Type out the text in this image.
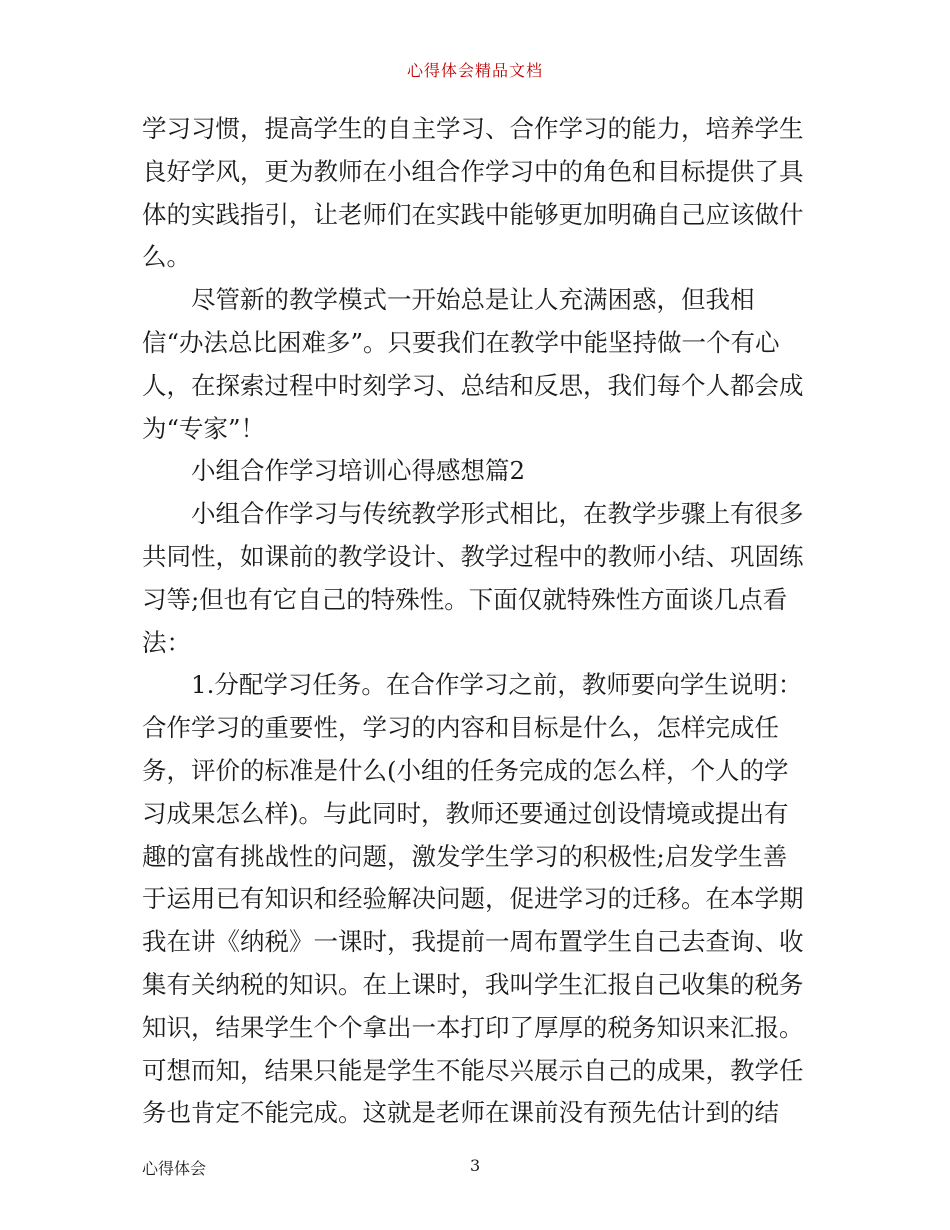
心得体会精品文档
学习习惯，提高学生的自主学习、合作学习的能力，培养学生
良好学风，更为教师在小组合作学习中的角色和目标提供了具
体的实践指引，让老师们在实践中能够更加明确自己应该做什
么。
尽管新的教学模式一开始总是让人充满困惑，但我相
信“办法总比困难多”。只要我们在教学中能坚持做一个有心
人，在探索过程中时刻学习、总结和反思，我们每个人都会成
为“专家”！
小组合作学习培训心得感想篇2
小组合作学习与传统教学形式相比，在教学步骤上有很多
共同性，如课前的教学设计、教学过程中的教师小结、巩固练
习等;但也有它自己的特殊性。下面仅就特殊性方面谈几点看
法：
1.分配学习任务。在合作学习之前，教师要向学生说明：
合作学习的重要性，学习的内容和目标是什么，怎样完成任
务，评价的标准是什么(小组的任务完成的怎么样，个人的学
习成果怎么样)。与此同时，教师还要通过创设情境或提出有
趣的富有挑战性的问题，激发学生学习的积极性;启发学生善
于运用已有知识和经验解决问题，促进学习的迁移。在本学期
我在讲《纳税》一课时，我提前一周布置学生自己去查询、收
集有关纳税的知识。在上课时，我叫学生汇报自己收集的税务
知识，结果学生个个拿出一本打印了厚厚的税务知识来汇报。
可想而知，结果只能是学生不能尽兴展示自己的成果，教学任
务也肯定不能完成。这就是老师在课前没有预先估计到的结
心得体会	3
